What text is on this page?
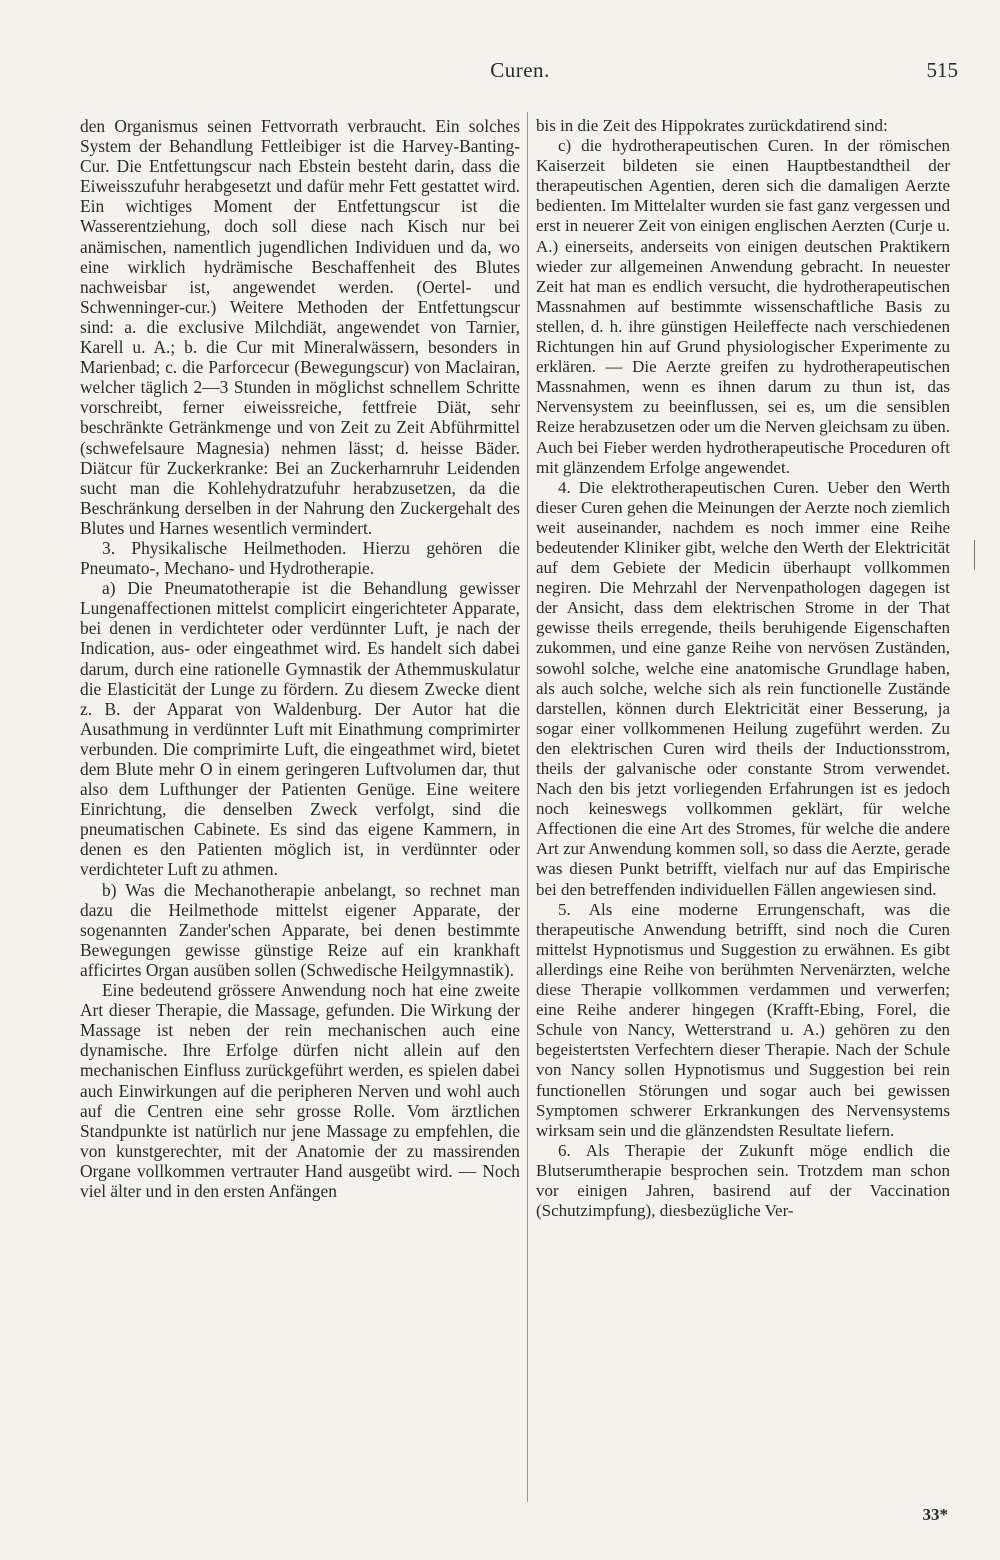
Curen.	515

den Organismus seinen Fettvorrath verbraucht. Ein solches System der Behandlung Fettleibiger ist die Harvey-Banting-Cur. Die Entfettungscur nach Ebstein besteht darin, dass die Eiweisszufuhr herabgesetzt und dafür mehr Fett gestattet wird. Ein wichtiges Moment der Entfettungscur ist die Wasserentziehung, doch soll diese nach Kisch nur bei anämischen, namentlich jugendlichen Individuen und da, wo eine wirklich hydrämische Beschaffenheit des Blutes nachweisbar ist, angewendet werden. (Oertel- und Schwenninger-cur.) Weitere Methoden der Entfettungscur sind: a. die exclusive Milchdiät, angewendet von Tarnier, Karell u. A.; b. die Cur mit Mineralwässern, besonders in Marienbad; c. die Parforcecur (Bewegungscur) von Maclairan, welcher täglich 2—3 Stunden in möglichst schnellem Schritte vorschreibt, ferner eiweissreiche, fettfreie Diät, sehr beschränkte Getränkmenge und von Zeit zu Zeit Abführmittel (schwefelsaure Magnesia) nehmen lässt; d. heisse Bäder. Diätcur für Zuckerkranke: Bei an Zuckerharnruhr Leidenden sucht man die Kohlehydratzufuhr herabzusetzen, da die Beschränkung derselben in der Nahrung den Zuckergehalt des Blutes und Harnes wesentlich vermindert.

3. Physikalische Heilmethoden. Hierzu gehören die Pneumato-, Mechano- und Hydrotherapie.

a) Die Pneumatotherapie ist die Behandlung gewisser Lungenaffectionen mittelst complicirt eingerichteter Apparate, bei denen in verdichteter oder verdünnter Luft, je nach der Indication, aus- oder eingeathmet wird. Es handelt sich dabei darum, durch eine rationelle Gymnastik der Athemmuskulatur die Elasticität der Lunge zu fördern. Zu diesem Zwecke dient z. B. der Apparat von Waldenburg. Der Autor hat die Ausathmung in verdünnter Luft mit Einathmung comprimirter verbunden. Die comprimirte Luft, die eingeathmet wird, bietet dem Blute mehr O in einem geringeren Luftvolumen dar, thut also dem Lufthunger der Patienten Genüge. Eine weitere Einrichtung, die denselben Zweck verfolgt, sind die pneumatischen Cabinete. Es sind das eigene Kammern, in denen es den Patienten möglich ist, in verdünnter oder verdichteter Luft zu athmen.

b) Was die Mechanotherapie anbelangt, so rechnet man dazu die Heilmethode mittelst eigener Apparate, der sogenannten Zander'schen Apparate, bei denen bestimmte Bewegungen gewisse günstige Reize auf ein krankhaft afficirtes Organ ausüben sollen (Schwedische Heilgymnastik).

Eine bedeutend grössere Anwendung noch hat eine zweite Art dieser Therapie, die Massage, gefunden. Die Wirkung der Massage ist neben der rein mechanischen auch eine dynamische. Ihre Erfolge dürfen nicht allein auf den mechanischen Einfluss zurückgeführt werden, es spielen dabei auch Einwirkungen auf die peripheren Nerven und wohl auch auf die Centren eine sehr grosse Rolle. Vom ärztlichen Standpunkte ist natürlich nur jene Massage zu empfehlen, die von kunstgerechter, mit der Anatomie der zu massirenden Organe vollkommen vertrauter Hand ausgeübt wird. — Noch viel älter und in den ersten Anfängen

bis in die Zeit des Hippokrates zurückdatirend sind:

c) die hydrotherapeutischen Curen. In der römischen Kaiserzeit bildeten sie einen Hauptbestandtheil der therapeutischen Agentien, deren sich die damaligen Aerzte bedienten. Im Mittelalter wurden sie fast ganz vergessen und erst in neuerer Zeit von einigen englischen Aerzten (Curje u. A.) einerseits, anderseits von einigen deutschen Praktikern wieder zur allgemeinen Anwendung gebracht. In neuester Zeit hat man es endlich versucht, die hydrotherapeutischen Massnahmen auf bestimmte wissenschaftliche Basis zu stellen, d. h. ihre günstigen Heileffecte nach verschiedenen Richtungen hin auf Grund physiologischer Experimente zu erklären. — Die Aerzte greifen zu hydrotherapeutischen Massnahmen, wenn es ihnen darum zu thun ist, das Nervensystem zu beeinflussen, sei es, um die sensiblen Reize herabzusetzen oder um die Nerven gleichsam zu üben. Auch bei Fieber werden hydrotherapeutische Proceduren oft mit glänzendem Erfolge angewendet.

4. Die elektrotherapeutischen Curen. Ueber den Werth dieser Curen gehen die Meinungen der Aerzte noch ziemlich weit auseinander, nachdem es noch immer eine Reihe bedeutender Kliniker gibt, welche den Werth der Elektricität auf dem Gebiete der Medicin überhaupt vollkommen negiren. Die Mehrzahl der Nervenpathologen dagegen ist der Ansicht, dass dem elektrischen Strome in der That gewisse theils erregende, theils beruhigende Eigenschaften zukommen, und eine ganze Reihe von nervösen Zuständen, sowohl solche, welche eine anatomische Grundlage haben, als auch solche, welche sich als rein functionelle Zustände darstellen, können durch Elektricität einer Besserung, ja sogar einer vollkommenen Heilung zugeführt werden. Zu den elektrischen Curen wird theils der Inductionsstrom, theils der galvanische oder constante Strom verwendet. Nach den bis jetzt vorliegenden Erfahrungen ist es jedoch noch keineswegs vollkommen geklärt, für welche Affectionen die eine Art des Stromes, für welche die andere Art zur Anwendung kommen soll, so dass die Aerzte, gerade was diesen Punkt betrifft, vielfach nur auf das Empirische bei den betreffenden individuellen Fällen angewiesen sind.

5. Als eine moderne Errungenschaft, was die therapeutische Anwendung betrifft, sind noch die Curen mittelst Hypnotismus und Suggestion zu erwähnen. Es gibt allerdings eine Reihe von berühmten Nervenärzten, welche diese Therapie vollkommen verdammen und verwerfen; eine Reihe anderer hingegen (Krafft-Ebing, Forel, die Schule von Nancy, Wetterstrand u. A.) gehören zu den begeistertsten Verfechtern dieser Therapie. Nach der Schule von Nancy sollen Hypnotismus und Suggestion bei rein functionellen Störungen und sogar auch bei gewissen Symptomen schwerer Erkrankungen des Nervensystems wirksam sein und die glänzendsten Resultate liefern.

6. Als Therapie der Zukunft möge endlich die Blutserumtherapie besprochen sein. Trotzdem man schon vor einigen Jahren, basirend auf der Vaccination (Schutzimpfung), diesbezügliche Ver-

33*
